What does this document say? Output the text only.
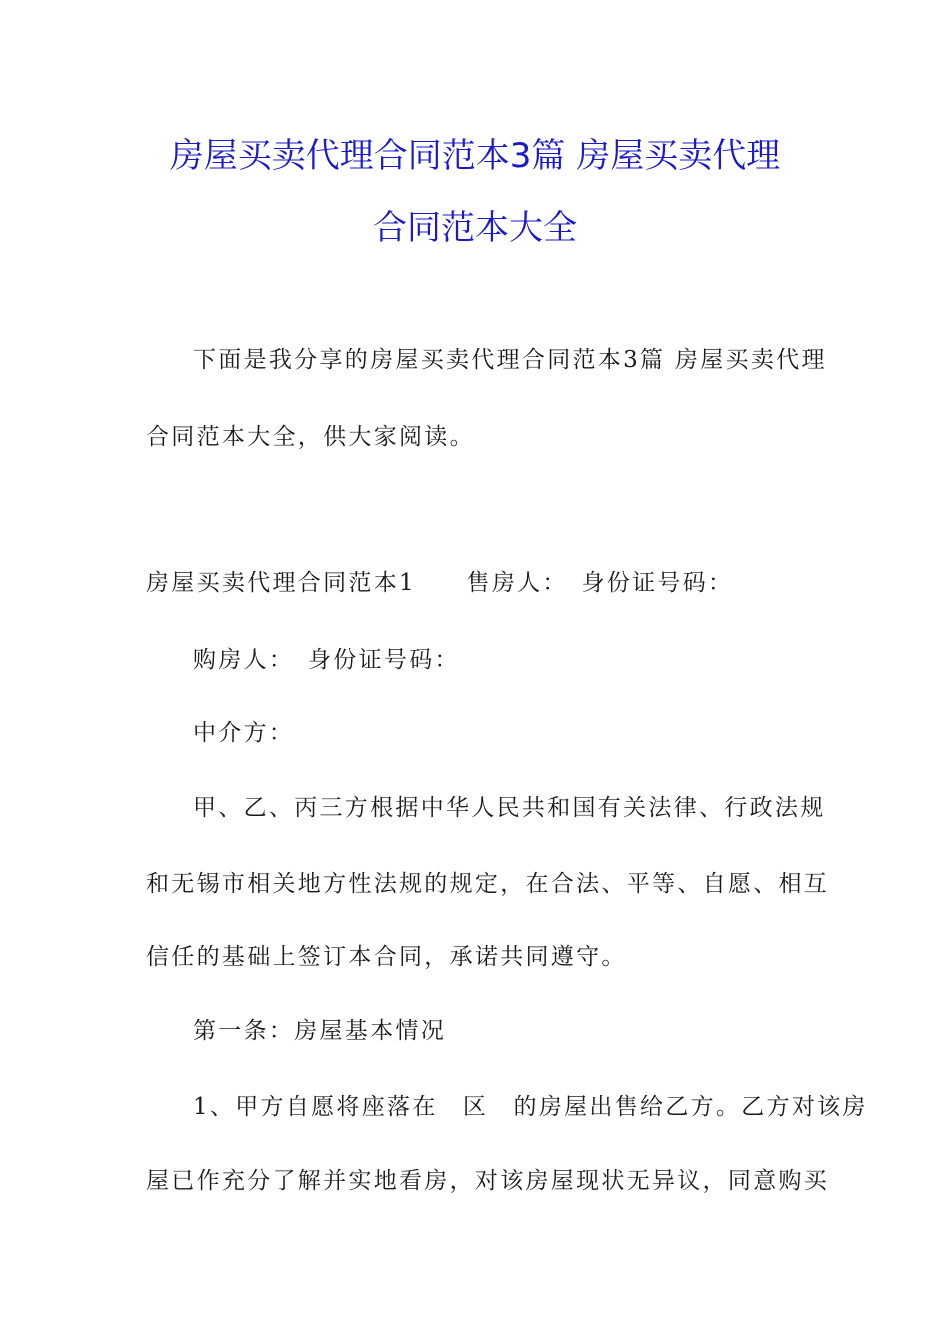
房屋买卖代理合同范本3篇 房屋买卖代理
合同范本大全
下面是我分享的房屋买卖代理合同范本3篇 房屋买卖代理
合同范本大全，供大家阅读。
房屋买卖代理合同范本1　　售房人：　身份证号码：
购房人：　身份证号码：
中介方：
甲、乙、丙三方根据中华人民共和国有关法律、行政法规
和无锡市相关地方性法规的规定，在合法、平等、自愿、相互
信任的基础上签订本合同，承诺共同遵守。
第一条：房屋基本情况
1、甲方自愿将座落在　区　的房屋出售给乙方。乙方对该房
屋已作充分了解并实地看房，对该房屋现状无异议，同意购买
